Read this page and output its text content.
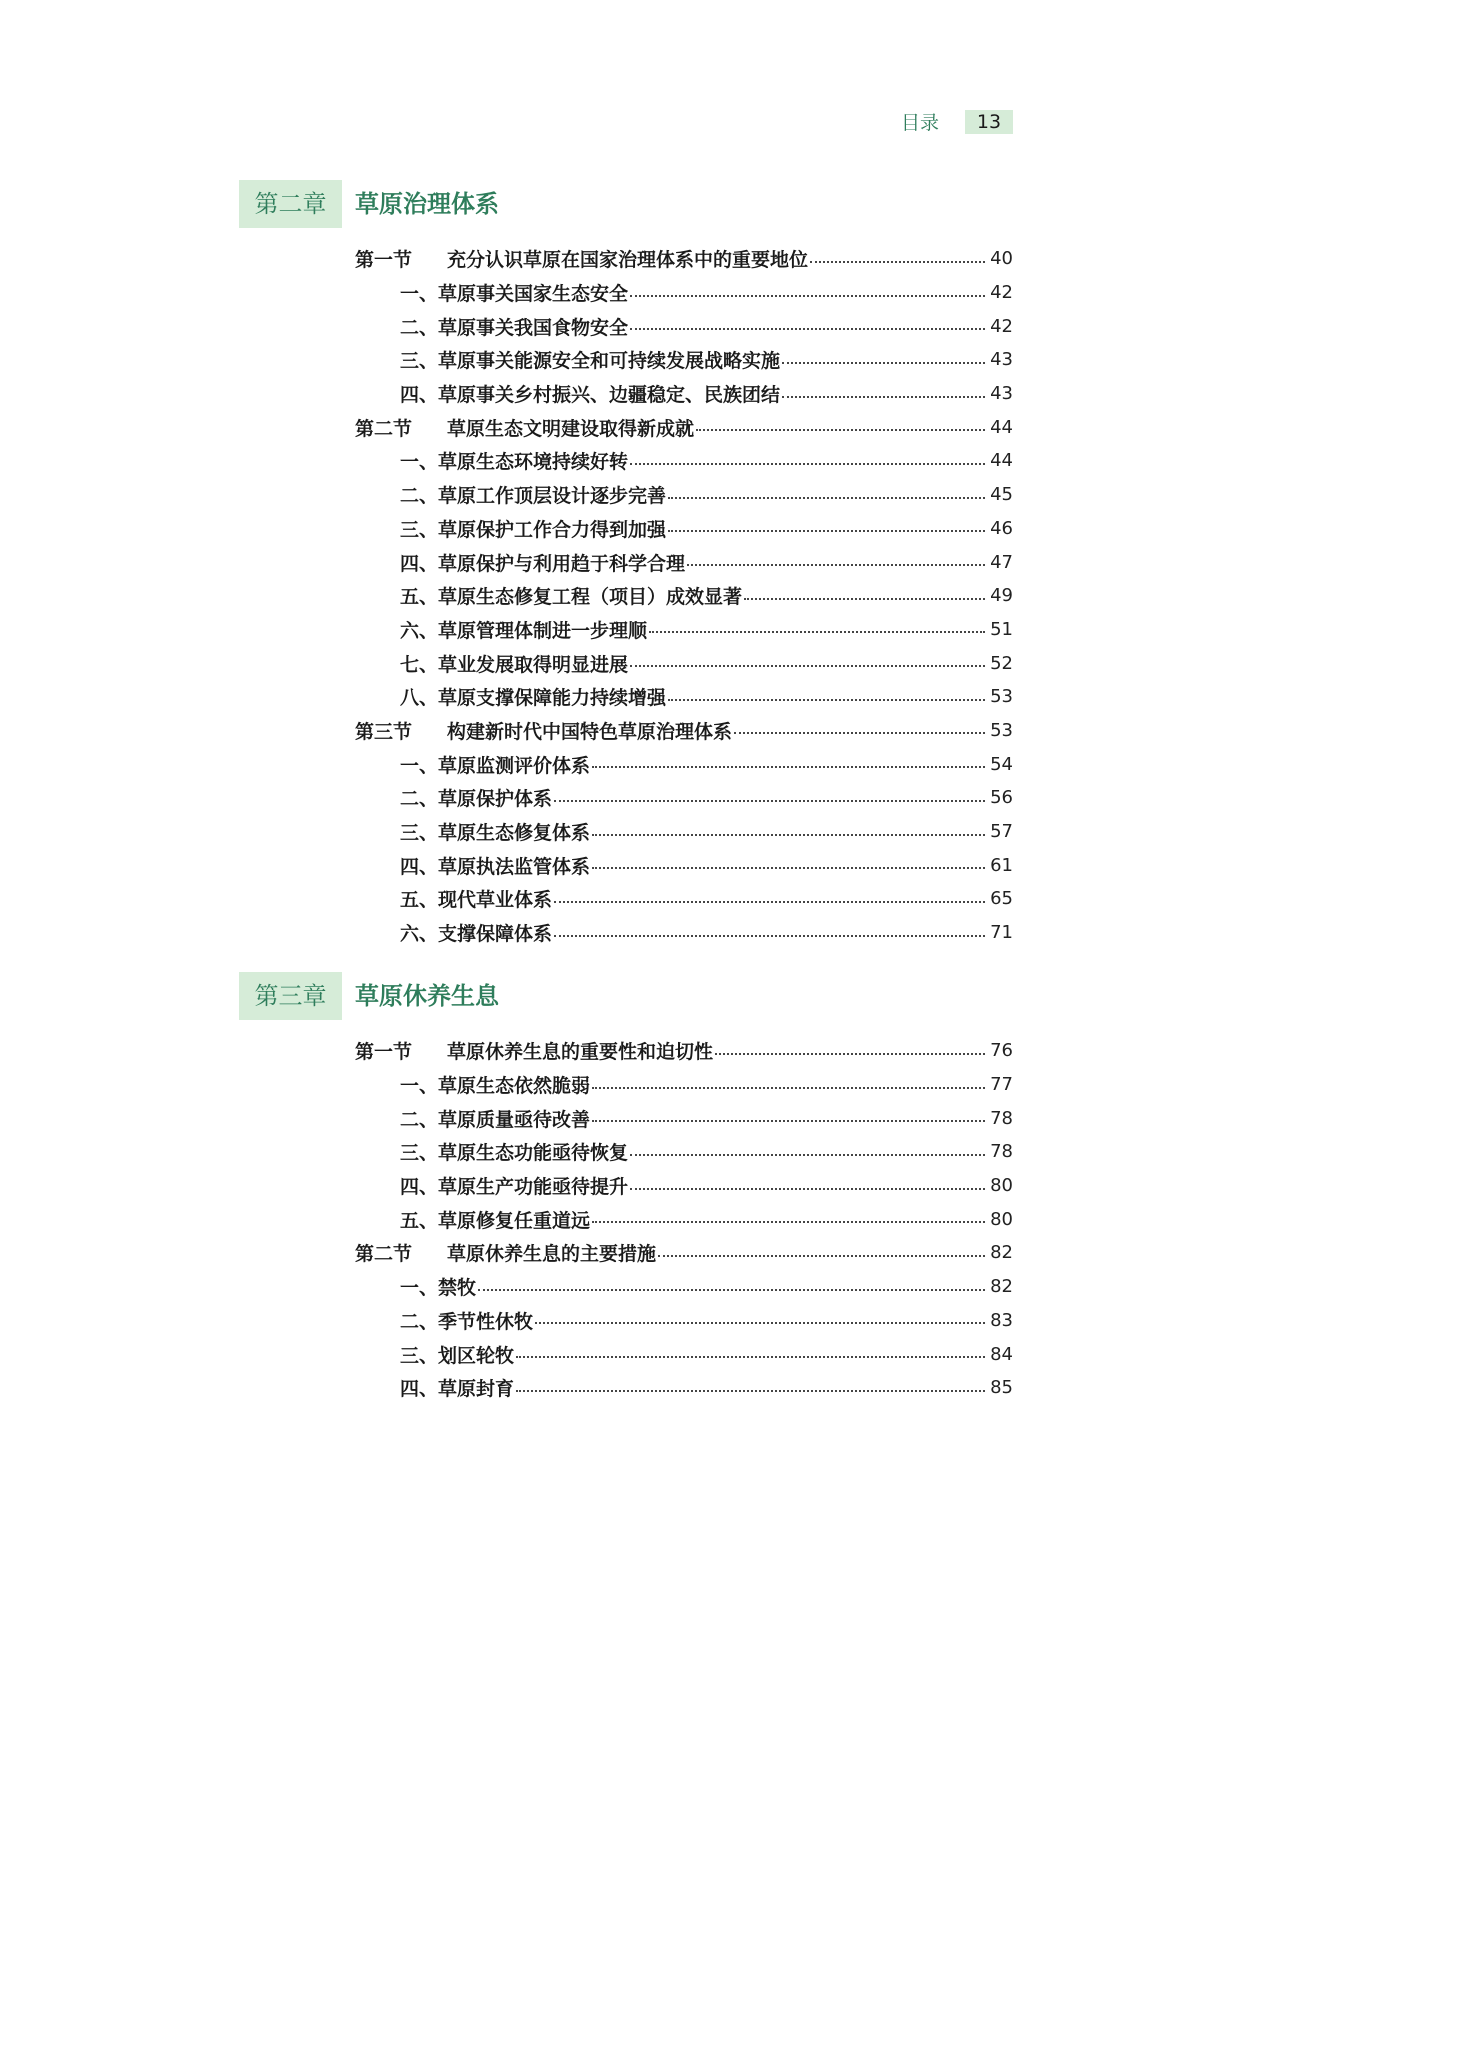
目录	13
第二章	草原治理体系
第一节 充分认识草原在国家治理体系中的重要地位	40
一、草原事关国家生态安全	42
二、草原事关我国食物安全	42
三、草原事关能源安全和可持续发展战略实施	43
四、草原事关乡村振兴、边疆稳定、民族团结	43
第二节 草原生态文明建设取得新成就	44
一、草原生态环境持续好转	44
二、草原工作顶层设计逐步完善	45
三、草原保护工作合力得到加强	46
四、草原保护与利用趋于科学合理	47
五、草原生态修复工程（项目）成效显著	49
六、草原管理体制进一步理顺	51
七、草业发展取得明显进展	52
八、草原支撑保障能力持续增强	53
第三节 构建新时代中国特色草原治理体系	53
一、草原监测评价体系	54
二、草原保护体系	56
三、草原生态修复体系	57
四、草原执法监管体系	61
五、现代草业体系	65
六、支撑保障体系	71
第三章	草原休养生息
第一节 草原休养生息的重要性和迫切性	76
一、草原生态依然脆弱	77
二、草原质量亟待改善	78
三、草原生态功能亟待恢复	78
四、草原生产功能亟待提升	80
五、草原修复任重道远	80
第二节 草原休养生息的主要措施	82
一、禁牧	82
二、季节性休牧	83
三、划区轮牧	84
四、草原封育	85
